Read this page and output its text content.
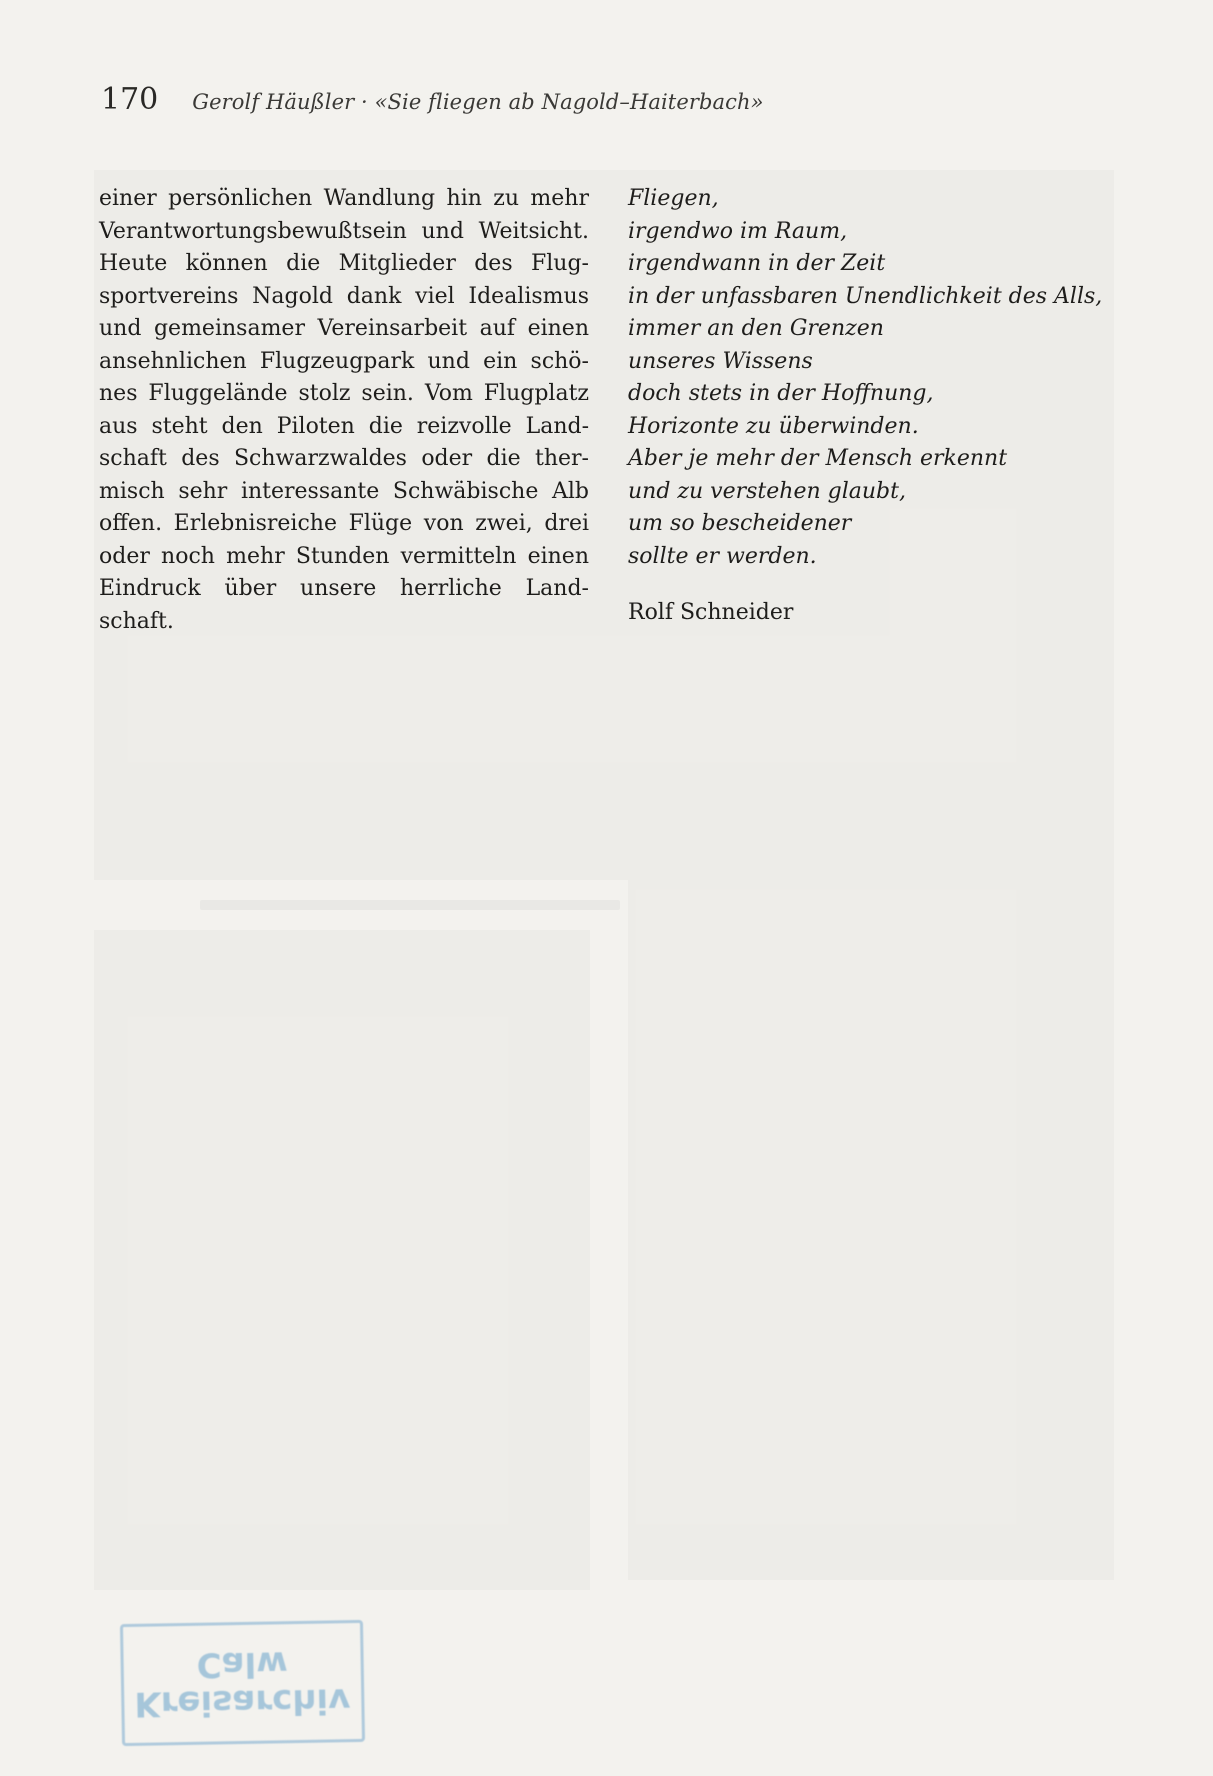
170 Gerolf Häußler · «Sie fliegen ab Nagold–Haiterbach»
einer persönlichen Wandlung hin zu mehr
Verantwortungsbewußtsein und Weitsicht.
Heute können die Mitglieder des Flug-
sportvereins Nagold dank viel Idealismus
und gemeinsamer Vereinsarbeit auf einen
ansehnlichen Flugzeugpark und ein schö-
nes Fluggelände stolz sein. Vom Flugplatz
aus steht den Piloten die reizvolle Land-
schaft des Schwarzwaldes oder die ther-
misch sehr interessante Schwäbische Alb
offen. Erlebnisreiche Flüge von zwei, drei
oder noch mehr Stunden vermitteln einen
Eindruck über unsere herrliche Land-
schaft.
Fliegen,
irgendwo im Raum,
irgendwann in der Zeit
in der unfassbaren Unendlichkeit des Alls,
immer an den Grenzen
unseres Wissens
doch stets in der Hoffnung,
Horizonte zu überwinden.
Aber je mehr der Mensch erkennt
und zu verstehen glaubt,
um so bescheidener
sollte er werden.
Rolf Schneider
Kreisarchiv
Calw
